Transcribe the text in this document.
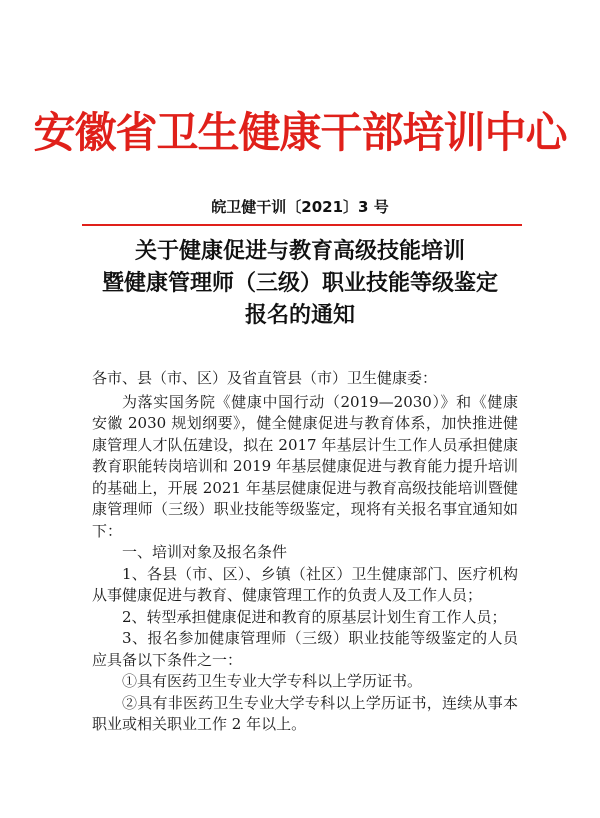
安徽省卫生健康干部培训中心
皖卫健干训〔2021〕3 号
关于健康促进与教育高级技能培训
暨健康管理师（三级）职业技能等级鉴定
报名的通知

各市、县（市、区）及省直管县（市）卫生健康委：

为落实国务院《健康中国行动（2019—2030）》和《健康安徽 2030 规划纲要》，健全健康促进与教育体系，加快推进健康管理人才队伍建设，拟在 2017 年基层计生工作人员承担健康教育职能转岗培训和 2019 年基层健康促进与教育能力提升培训的基础上，开展 2021 年基层健康促进与教育高级技能培训暨健康管理师（三级）职业技能等级鉴定，现将有关报名事宜通知如下：

一、培训对象及报名条件

1、各县（市、区）、乡镇（社区）卫生健康部门、医疗机构从事健康促进与教育、健康管理工作的负责人及工作人员；

2、转型承担健康促进和教育的原基层计划生育工作人员；

3、报名参加健康管理师（三级）职业技能等级鉴定的人员应具备以下条件之一：

①具有医药卫生专业大学专科以上学历证书。

②具有非医药卫生专业大学专科以上学历证书，连续从事本职业或相关职业工作 2 年以上。
